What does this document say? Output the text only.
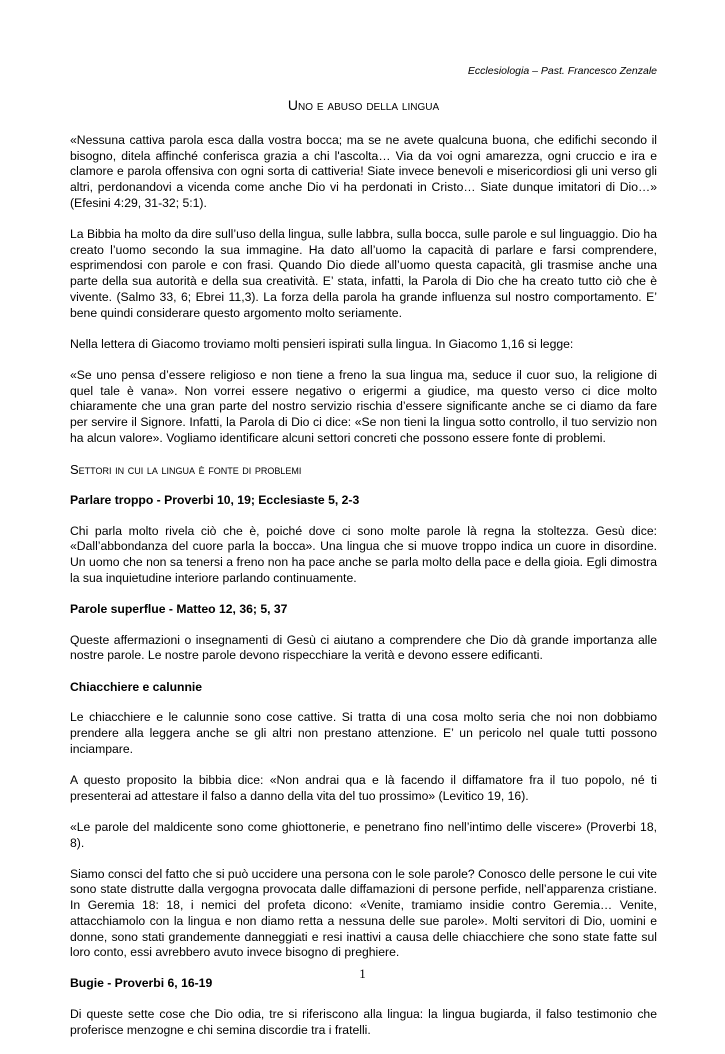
Ecclesiologia – Past. Francesco Zenzale

Uno e abuso della lingua

«Nessuna cattiva parola esca dalla vostra bocca; ma se ne avete qualcuna buona, che edifichi secondo il bisogno, ditela affinché conferisca grazia a chi l'ascolta… Via da voi ogni amarezza, ogni cruccio e ira e clamore e parola offensiva con ogni sorta di cattiveria! Siate invece benevoli e misericordiosi gli uni verso gli altri, perdonandovi a vicenda come anche Dio vi ha perdonati in Cristo… Siate dunque imitatori di Dio…» (Efesini 4:29, 31-32; 5:1).

La Bibbia ha molto da dire sull’uso della lingua, sulle labbra, sulla bocca, sulle parole e sul linguaggio. Dio ha creato l’uomo secondo la sua immagine. Ha dato all’uomo la capacità di parlare e farsi comprendere, esprimendosi con parole e con frasi. Quando Dio diede all’uomo questa capacità, gli trasmise anche una parte della sua autorità e della sua creatività. E’ stata, infatti, la Parola di Dio che ha creato tutto ciò che è vivente. (Salmo 33, 6; Ebrei 11,3). La forza della parola ha grande influenza sul nostro comportamento. E’ bene quindi considerare questo argomento molto seriamente.

Nella lettera di Giacomo troviamo molti pensieri ispirati sulla lingua. In Giacomo 1,16 si legge:

«Se uno pensa d’essere religioso e non tiene a freno la sua lingua ma, seduce il cuor suo, la religione di quel tale è vana». Non vorrei essere negativo o erigermi a giudice, ma questo verso ci dice molto chiaramente che una gran parte del nostro servizio rischia d’essere significante anche se ci diamo da fare per servire il Signore. Infatti, la Parola di Dio ci dice: «Se non tieni la lingua sotto controllo, il tuo servizio non ha alcun valore». Vogliamo identificare alcuni settori concreti che possono essere fonte di problemi.

Settori in cui la lingua è fonte di problemi
Parlare troppo - Proverbi 10, 19; Ecclesiaste 5, 2-3

Chi parla molto rivela ciò che è, poiché dove ci sono molte parole là regna la stoltezza. Gesù dice: «Dall’abbondanza del cuore parla la bocca». Una lingua che si muove troppo indica un cuore in disordine. Un uomo che non sa tenersi a freno non ha pace anche se parla molto della pace e della gioia. Egli dimostra la sua inquietudine interiore parlando continuamente.

Parole superflue - Matteo 12, 36; 5, 37

Queste affermazioni o insegnamenti di Gesù ci aiutano a comprendere che Dio dà grande importanza alle nostre parole. Le nostre parole devono rispecchiare la verità e devono essere edificanti.

Chiacchiere e calunnie

Le chiacchiere e le calunnie sono cose cattive. Si tratta di una cosa molto seria che noi non dobbiamo prendere alla leggera anche se gli altri non prestano attenzione. E’ un pericolo nel quale tutti possono inciampare.

A questo proposito la bibbia dice: «Non andrai qua e là facendo il diffamatore fra il tuo popolo, né ti presenterai ad attestare il falso a danno della vita del tuo prossimo» (Levitico 19, 16).

«Le parole del maldicente sono come ghiottonerie, e penetrano fino nell’intimo delle viscere» (Proverbi 18, 8).

Siamo consci del fatto che si può uccidere una persona con le sole parole? Conosco delle persone le cui vite sono state distrutte dalla vergogna provocata dalle diffamazioni di persone perfide, nell’apparenza cristiane. In Geremia 18: 18, i nemici del profeta dicono: «Venite, tramiamo insidie contro Geremia… Venite, attacchiamolo con la lingua e non diamo retta a nessuna delle sue parole». Molti servitori di Dio, uomini e donne, sono stati grandemente danneggiati e resi inattivi a causa delle chiacchiere che sono state fatte sul loro conto, essi avrebbero avuto invece bisogno di preghiere.

Bugie - Proverbi 6, 16-19

Di queste sette cose che Dio odia, tre si riferiscono alla lingua: la lingua bugiarda, il falso testimonio che proferisce menzogne e chi semina discordie tra i fratelli.

1
